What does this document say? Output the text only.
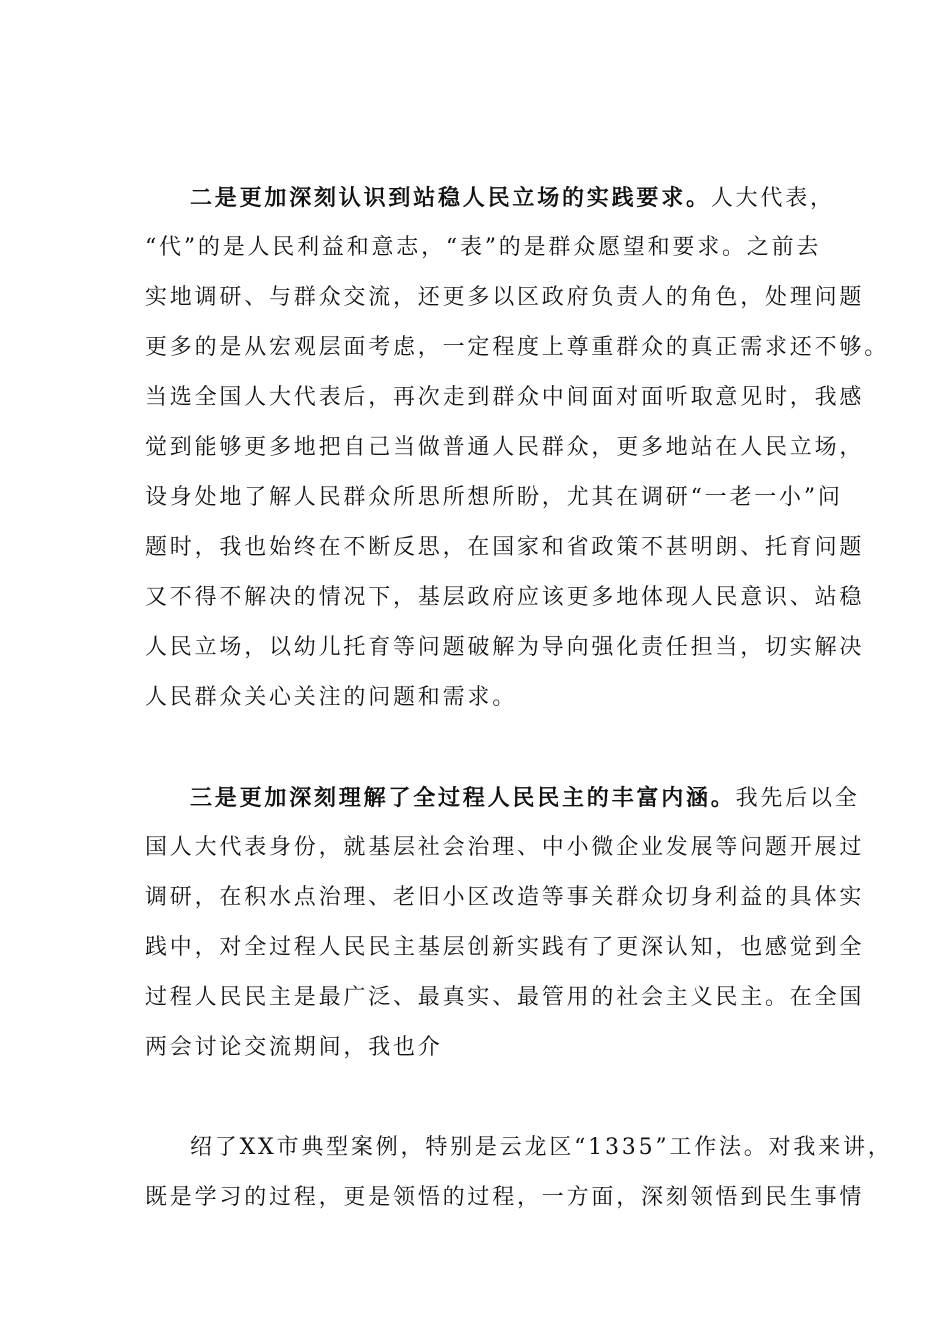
二是更加深刻认识到站稳人民立场的实践要求。人大代表，
“代”的是人民利益和意志，“表”的是群众愿望和要求。之前去
实地调研、与群众交流，还更多以区政府负责人的角色，处理问题
更多的是从宏观层面考虑，一定程度上尊重群众的真正需求还不够。
当选全国人大代表后，再次走到群众中间面对面听取意见时，我感
觉到能够更多地把自己当做普通人民群众，更多地站在人民立场，
设身处地了解人民群众所思所想所盼，尤其在调研“一老一小”问
题时，我也始终在不断反思，在国家和省政策不甚明朗、托育问题
又不得不解决的情况下，基层政府应该更多地体现人民意识、站稳
人民立场，以幼儿托育等问题破解为导向强化责任担当，切实解决
人民群众关心关注的问题和需求。
三是更加深刻理解了全过程人民民主的丰富内涵。我先后以全
国人大代表身份，就基层社会治理、中小微企业发展等问题开展过
调研，在积水点治理、老旧小区改造等事关群众切身利益的具体实
践中，对全过程人民民主基层创新实践有了更深认知，也感觉到全
过程人民民主是最广泛、最真实、最管用的社会主义民主。在全国
两会讨论交流期间，我也介
绍了XX市典型案例，特别是云龙区“1335”工作法。对我来讲，
既是学习的过程，更是领悟的过程，一方面，深刻领悟到民生事情
